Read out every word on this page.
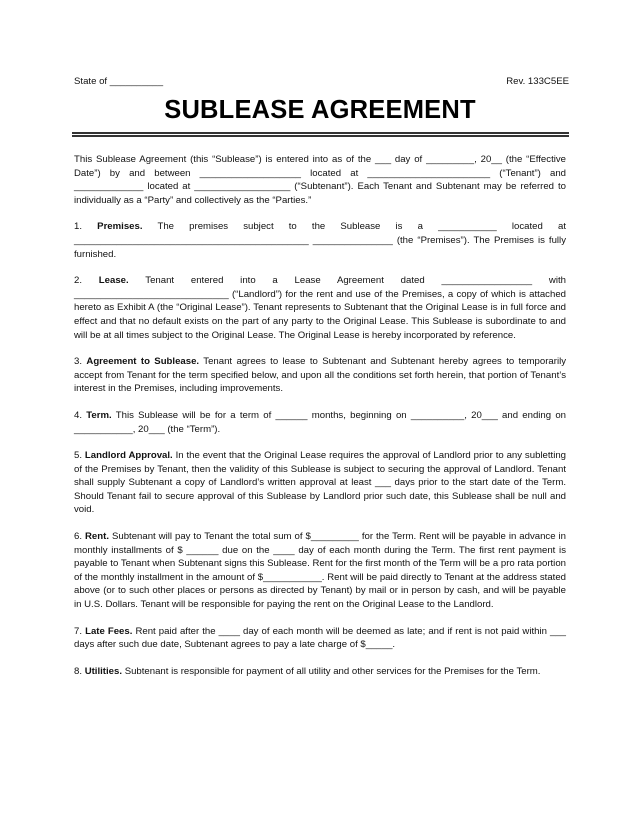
State of __________	Rev. 133C5EE
SUBLEASE AGREEMENT

This Sublease Agreement (this “Sublease”) is entered into as of the ___ day of _________, 20__ (the “Effective Date”) by and between ___________________ located at _______________________ (“Tenant”) and _____________ located at __________________ (“Subtenant”). Each Tenant and Subtenant may be referred to individually as a “Party” and collectively as the “Parties.”

1. Premises. The premises subject to the Sublease is a ___________ located at ____________________________________________ _______________ (the “Premises”). The Premises is fully furnished.

2. Lease. Tenant entered into a Lease Agreement dated _________________ with _____________________________ (“Landlord”) for the rent and use of the Premises, a copy of which is attached hereto as Exhibit A (the “Original Lease”). Tenant represents to Subtenant that the Original Lease is in full force and effect and that no default exists on the part of any party to the Original Lease. This Sublease is subordinate to and will be at all times subject to the Original Lease. The Original Lease is hereby incorporated by reference.

3. Agreement to Sublease. Tenant agrees to lease to Subtenant and Subtenant hereby agrees to temporarily accept from Tenant for the term specified below, and upon all the conditions set forth herein, that portion of Tenant’s interest in the Premises, including improvements.

4. Term. This Sublease will be for a term of ______ months, beginning on __________, 20___ and ending on ___________, 20___ (the “Term”).

5. Landlord Approval. In the event that the Original Lease requires the approval of Landlord prior to any subletting of the Premises by Tenant, then the validity of this Sublease is subject to securing the approval of Landlord. Tenant shall supply Subtenant a copy of Landlord’s written approval at least ___ days prior to the start date of the Term. Should Tenant fail to secure approval of this Sublease by Landlord prior such date, this Sublease shall be null and void.

6. Rent. Subtenant will pay to Tenant the total sum of $_________ for the Term. Rent will be payable in advance in monthly installments of $ ______ due on the ____ day of each month during the Term. The first rent payment is payable to Tenant when Subtenant signs this Sublease. Rent for the first month of the Term will be a pro rata portion of the monthly installment in the amount of $___________. Rent will be paid directly to Tenant at the address stated above (or to such other places or persons as directed by Tenant) by mail or in person by cash, and will be payable in U.S. Dollars. Tenant will be responsible for paying the rent on the Original Lease to the Landlord.

7. Late Fees. Rent paid after the ____ day of each month will be deemed as late; and if rent is not paid within ___ days after such due date, Subtenant agrees to pay a late charge of $_____.

8. Utilities. Subtenant is responsible for payment of all utility and other services for the Premises for the Term.
